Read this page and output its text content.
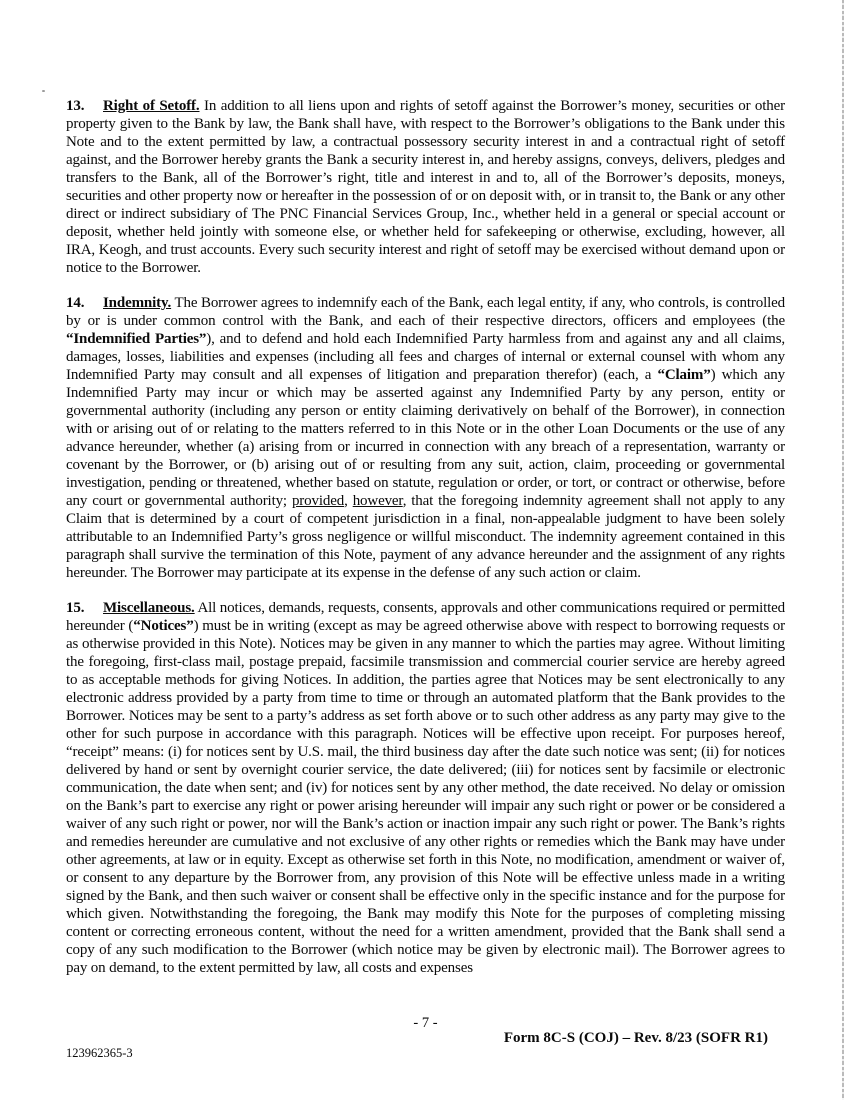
13. Right of Setoff. In addition to all liens upon and rights of setoff against the Borrower’s money, securities or other property given to the Bank by law, the Bank shall have, with respect to the Borrower’s obligations to the Bank under this Note and to the extent permitted by law, a contractual possessory security interest in and a contractual right of setoff against, and the Borrower hereby grants the Bank a security interest in, and hereby assigns, conveys, delivers, pledges and transfers to the Bank, all of the Borrower’s right, title and interest in and to, all of the Borrower’s deposits, moneys, securities and other property now or hereafter in the possession of or on deposit with, or in transit to, the Bank or any other direct or indirect subsidiary of The PNC Financial Services Group, Inc., whether held in a general or special account or deposit, whether held jointly with someone else, or whether held for safekeeping or otherwise, excluding, however, all IRA, Keogh, and trust accounts. Every such security interest and right of setoff may be exercised without demand upon or notice to the Borrower.

14. Indemnity. The Borrower agrees to indemnify each of the Bank, each legal entity, if any, who controls, is controlled by or is under common control with the Bank, and each of their respective directors, officers and employees (the “Indemnified Parties”), and to defend and hold each Indemnified Party harmless from and against any and all claims, damages, losses, liabilities and expenses (including all fees and charges of internal or external counsel with whom any Indemnified Party may consult and all expenses of litigation and preparation therefor) (each, a “Claim”) which any Indemnified Party may incur or which may be asserted against any Indemnified Party by any person, entity or governmental authority (including any person or entity claiming derivatively on behalf of the Borrower), in connection with or arising out of or relating to the matters referred to in this Note or in the other Loan Documents or the use of any advance hereunder, whether (a) arising from or incurred in connection with any breach of a representation, warranty or covenant by the Borrower, or (b) arising out of or resulting from any suit, action, claim, proceeding or governmental investigation, pending or threatened, whether based on statute, regulation or order, or tort, or contract or otherwise, before any court or governmental authority; provided, however, that the foregoing indemnity agreement shall not apply to any Claim that is determined by a court of competent jurisdiction in a final, non-appealable judgment to have been solely attributable to an Indemnified Party’s gross negligence or willful misconduct. The indemnity agreement contained in this paragraph shall survive the termination of this Note, payment of any advance hereunder and the assignment of any rights hereunder. The Borrower may participate at its expense in the defense of any such action or claim.

15. Miscellaneous. All notices, demands, requests, consents, approvals and other communications required or permitted hereunder (“Notices”) must be in writing (except as may be agreed otherwise above with respect to borrowing requests or as otherwise provided in this Note). Notices may be given in any manner to which the parties may agree. Without limiting the foregoing, first-class mail, postage prepaid, facsimile transmission and commercial courier service are hereby agreed to as acceptable methods for giving Notices. In addition, the parties agree that Notices may be sent electronically to any electronic address provided by a party from time to time or through an automated platform that the Bank provides to the Borrower. Notices may be sent to a party’s address as set forth above or to such other address as any party may give to the other for such purpose in accordance with this paragraph. Notices will be effective upon receipt. For purposes hereof, “receipt” means: (i) for notices sent by U.S. mail, the third business day after the date such notice was sent; (ii) for notices delivered by hand or sent by overnight courier service, the date delivered; (iii) for notices sent by facsimile or electronic communication, the date when sent; and (iv) for notices sent by any other method, the date received. No delay or omission on the Bank’s part to exercise any right or power arising hereunder will impair any such right or power or be considered a waiver of any such right or power, nor will the Bank’s action or inaction impair any such right or power. The Bank’s rights and remedies hereunder are cumulative and not exclusive of any other rights or remedies which the Bank may have under other agreements, at law or in equity. Except as otherwise set forth in this Note, no modification, amendment or waiver of, or consent to any departure by the Borrower from, any provision of this Note will be effective unless made in a writing signed by the Bank, and then such waiver or consent shall be effective only in the specific instance and for the purpose for which given. Notwithstanding the foregoing, the Bank may modify this Note for the purposes of completing missing content or correcting erroneous content, without the need for a written amendment, provided that the Bank shall send a copy of any such modification to the Borrower (which notice may be given by electronic mail). The Borrower agrees to pay on demand, to the extent permitted by law, all costs and expenses

- 7 -
Form 8C-S (COJ) – Rev. 8/23 (SOFR R1)
123962365-3
